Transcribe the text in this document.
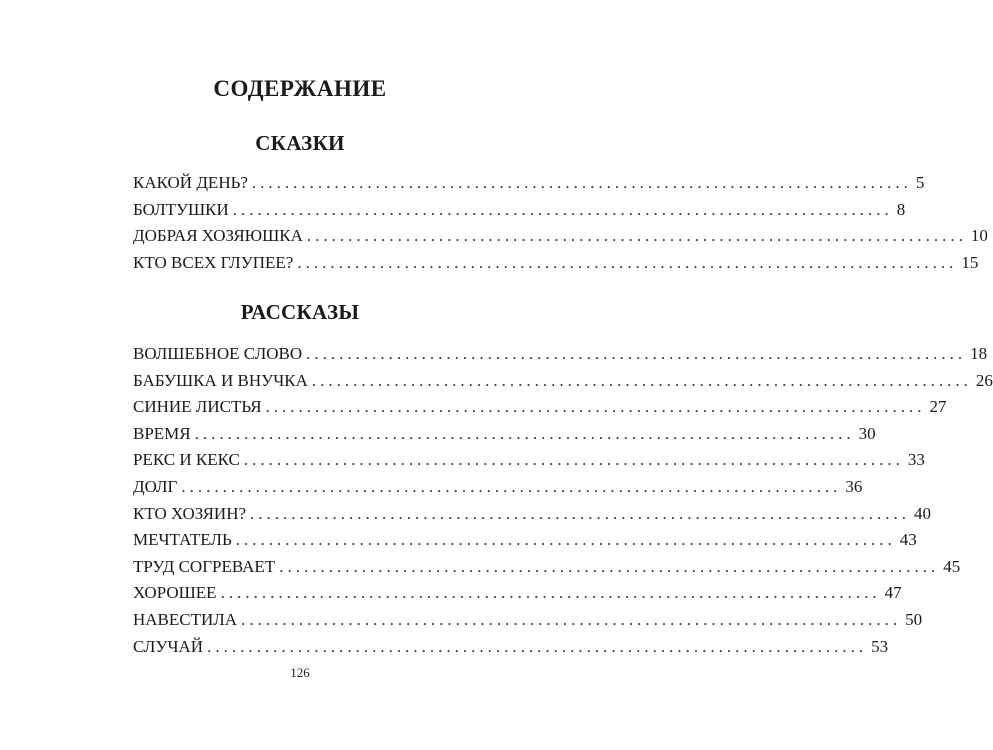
СОДЕРЖАНИЕ
СКАЗКИ
КАКОЙ ДЕНЬ? ................................................................................ 5
БОЛТУШКИ ................................................................................ 8
ДОБРАЯ ХОЗЯЮШКА ................................................................................ 10
КТО ВСЕХ ГЛУПЕЕ? ................................................................................ 15
РАССКАЗЫ
ВОЛШЕБНОЕ СЛОВО ................................................................................ 18
БАБУШКА И ВНУЧКА ................................................................................ 26
СИНИЕ ЛИСТЬЯ ................................................................................ 27
ВРЕМЯ ................................................................................ 30
РЕКС И КЕКС ................................................................................ 33
ДОЛГ ................................................................................ 36
КТО ХОЗЯИН? ................................................................................ 40
МЕЧТАТЕЛЬ ................................................................................ 43
ТРУД СОГРЕВАЕТ ................................................................................ 45
ХОРОШЕЕ ................................................................................ 47
НАВЕСТИЛА ................................................................................ 50
СЛУЧАЙ ................................................................................ 53
126
